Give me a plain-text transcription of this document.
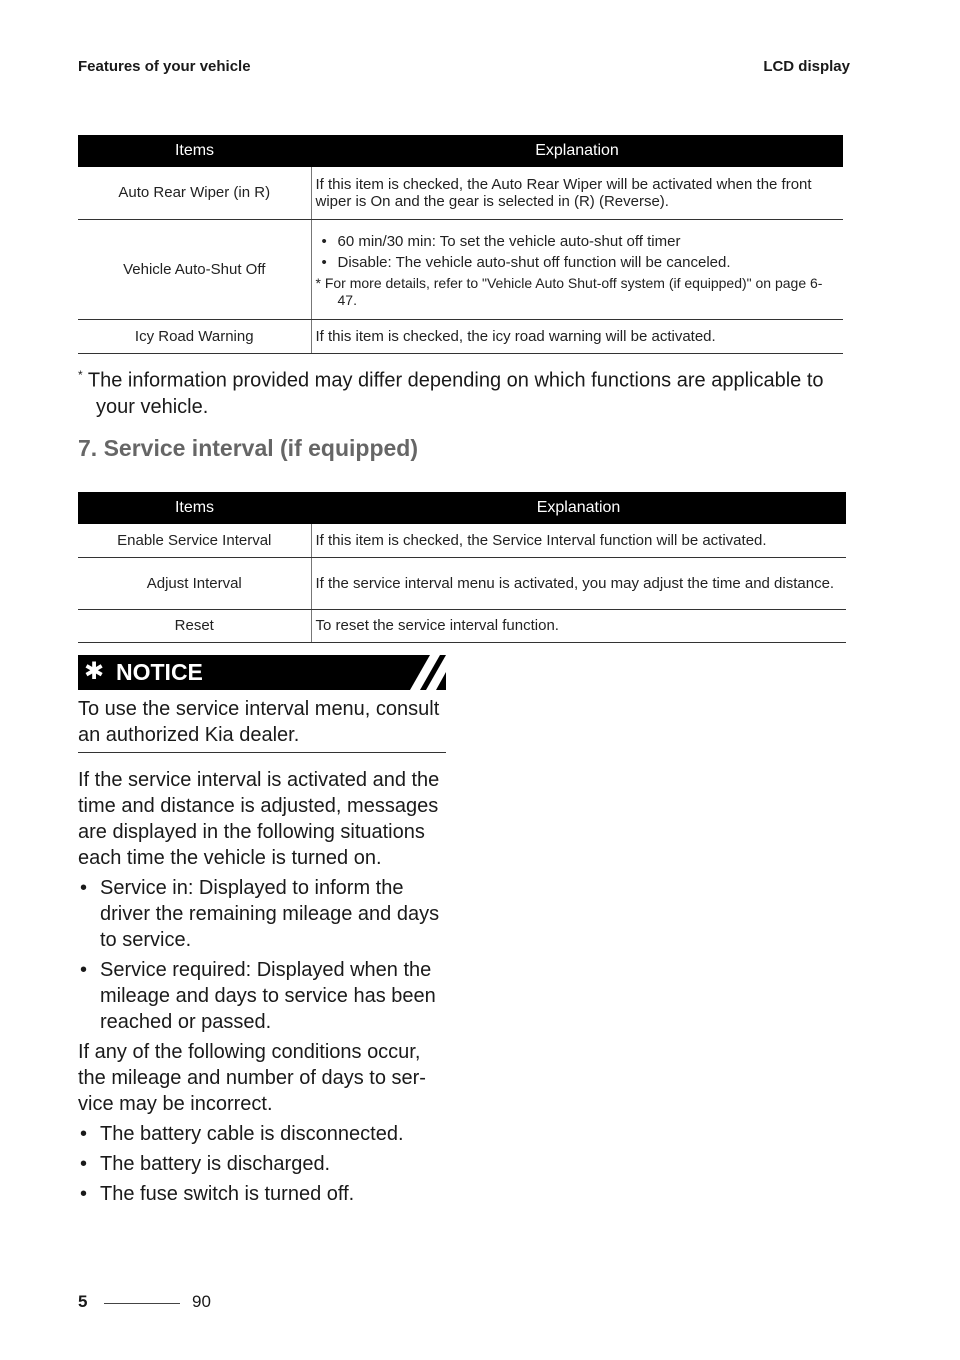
Features of your vehicle	LCD display
Items	Explanation
Auto Rear Wiper (in R)	If this item is checked, the Auto Rear Wiper will be activated when the front wiper is On and the gear is selected in (R) (Reverse).
Vehicle Auto-Shut Off	• 60 min/30 min: To set the vehicle auto-shut off timer
• Disable: The vehicle auto-shut off function will be canceled.
* For more details, refer to "Vehicle Auto Shut-off system (if equipped)" on page 6-47.

Icy Road Warning	If this item is checked, the icy road warning will be activated.
* The information provided may differ depending on which functions are applicable to your vehicle.
7. Service interval (if equipped)
Items	Explanation
Enable Service Interval	If this item is checked, the Service Interval function will be activated.
Adjust Interval	If the service interval menu is activated, you may adjust the time and distance.
Reset	To reset the service interval function.
✱ NOTICE
To use the service interval menu, consult an authorized Kia dealer.

If the service interval is activated and the time and distance is adjusted, messages are displayed in the following situations each time the vehicle is turned on.

• Service in: Displayed to inform the driver the remaining mileage and days to service.
• Service required: Displayed when the mileage and days to service has been reached or passed.

If any of the following conditions occur, the mileage and number of days to ser-vice may be incorrect.

• The battery cable is disconnected.
• The battery is discharged.
• The fuse switch is turned off.
5	90
